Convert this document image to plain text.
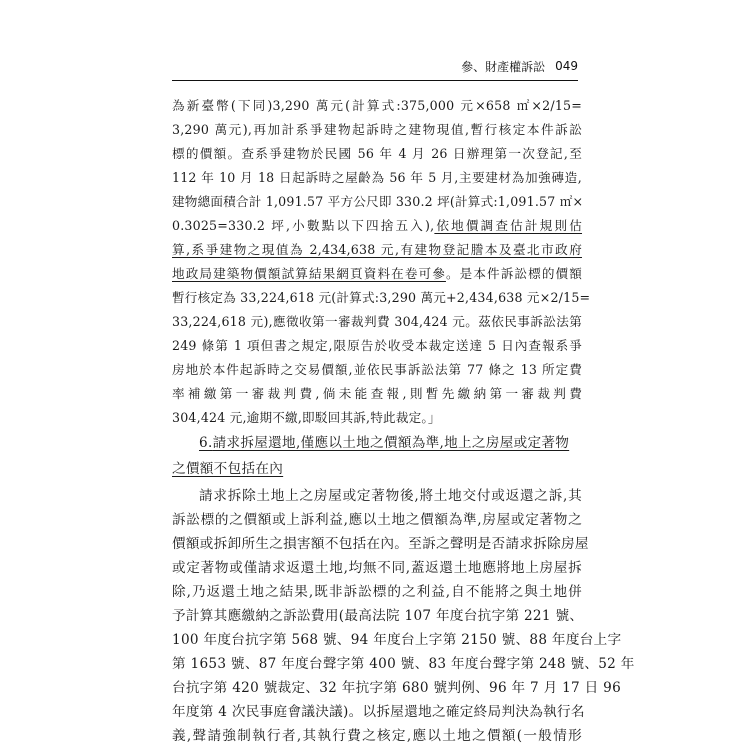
參、財產權訴訟 049
為新臺幣(下同)3,290 萬元(計算式:375,000 元×658 ㎡×2/15=
3,290 萬元),再加計系爭建物起訴時之建物現值,暫行核定本件訴訟
標的價額。查系爭建物於民國 56 年 4 月 26 日辦理第一次登記,至
112 年 10 月 18 日起訴時之屋齡為 56 年 5 月,主要建材為加強磚造,
建物總面積合計 1,091.57 平方公尺即 330.2 坪(計算式:1,091.57 ㎡×
0.3025=330.2 坪,小數點以下四捨五入),依地價調查估計規則估
算,系爭建物之現值為 2,434,638 元,有建物登記謄本及臺北市政府
地政局建築物價額試算結果網頁資料在卷可參。是本件訴訟標的價額
暫行核定為 33,224,618 元(計算式:3,290 萬元+2,434,638 元×2/15=
33,224,618 元),應徵收第一審裁判費 304,424 元。茲依民事訴訟法第
249 條第 1 項但書之規定,限原告於收受本裁定送達 5 日內查報系爭
房地於本件起訴時之交易價額,並依民事訴訟法第 77 條之 13 所定費
率補繳第一審裁判費,倘未能查報,則暫先繳納第一審裁判費
304,424 元,逾期不繳,即駁回其訴,特此裁定。」
6.請求拆屋還地,僅應以土地之價額為準,地上之房屋或定著物
之價額不包括在內
請求拆除土地上之房屋或定著物後,將土地交付或返還之訴,其
訴訟標的之價額或上訴利益,應以土地之價額為準,房屋或定著物之
價額或拆卸所生之損害額不包括在內。至訴之聲明是否請求拆除房屋
或定著物或僅請求返還土地,均無不同,蓋返還土地應將地上房屋拆
除,乃返還土地之結果,既非訴訟標的之利益,自不能將之與土地併
予計算其應繳納之訴訟費用(最高法院 107 年度台抗字第 221 號、
100 年度台抗字第 568 號、94 年度台上字第 2150 號、88 年度台上字
第 1653 號、87 年度台聲字第 400 號、83 年度台聲字第 248 號、52 年
台抗字第 420 號裁定、32 年抗字第 680 號判例、96 年 7 月 17 日 96
年度第 4 次民事庭會議決議)。以拆屋還地之確定終局判決為執行名
義,聲請強制執行者,其執行費之核定,應以土地之價額(一般情形
